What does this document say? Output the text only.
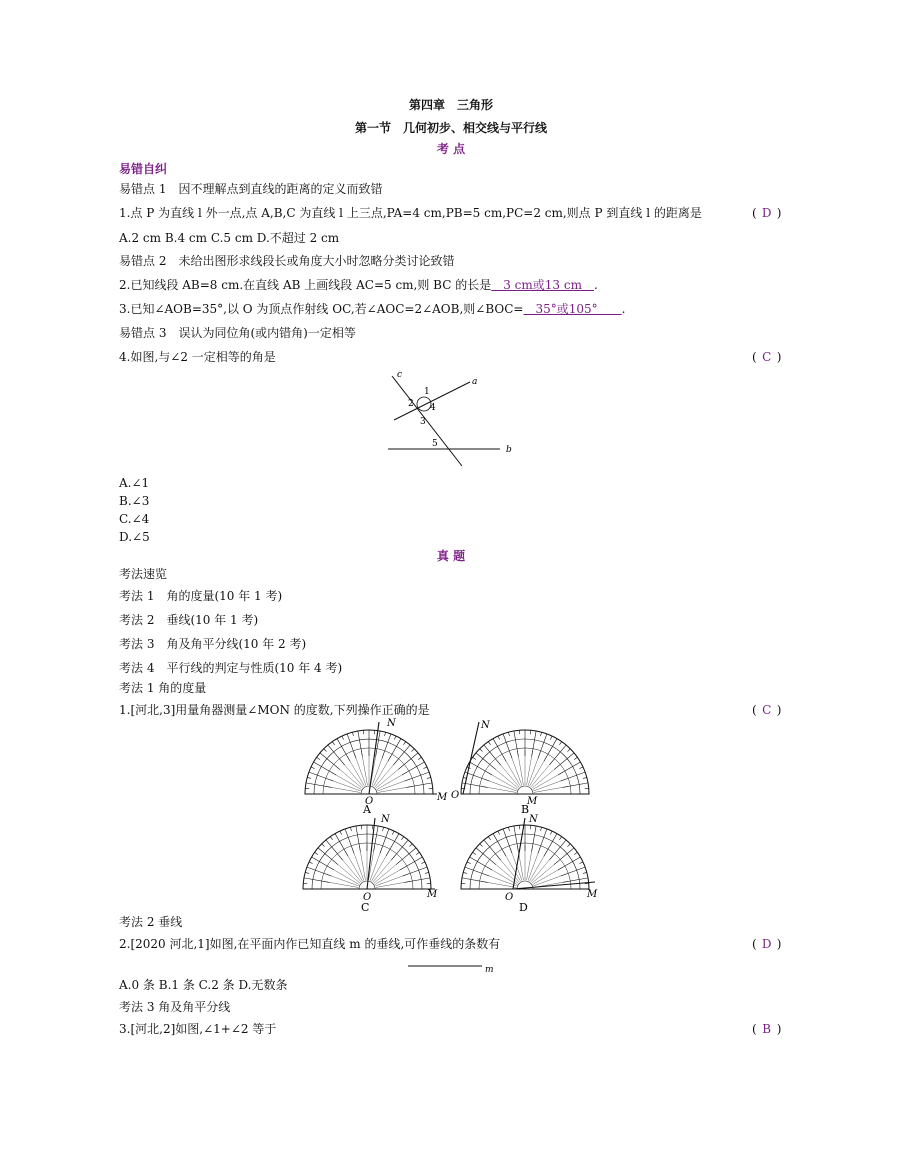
第四章　三角形
第一节　几何初步、相交线与平行线
考 点
易错自纠
易错点 1　因不理解点到直线的距离的定义而致错
1.点 P 为直线 l 外一点,点 A,B,C 为直线 l 上三点,PA=4 cm,PB=5 cm,PC=2 cm,则点 P 到直线 l 的距离是	( D )
A.2 cm B.4 cm C.5 cm D.不超过 2 cm
易错点 2　未给出图形求线段长或角度大小时忽略分类讨论致错
2.已知线段 AB=8 cm.在直线 AB 上画线段 AC=5 cm,则 BC 的长是　3 cm或13 cm　.
3.已知∠AOB=35°,以 O 为顶点作射线 OC,若∠AOC=2∠AOB,则∠BOC=　35°或105°　　.
易错点 3　误认为同位角(或内错角)一定相等
4.如图,与∠2 一定相等的角是	( C )
c
a
b
1
2
3
4
5
A.∠1
B.∠3
C.∠4
D.∠5
真 题
考法速览
考法 1　角的度量(10 年 1 考)
考法 2　垂线(10 年 1 考)
考法 3　角及角平分线(10 年 2 考)
考法 4　平行线的判定与性质(10 年 4 考)
考法 1 角的度量
1.[河北,3]用量角器测量∠MON 的度数,下列操作正确的是	( C )
O	M
N
O
M
N
O	M
N
O	M
N
A	B
C	D
考法 2 垂线
2.[2020 河北,1]如图,在平面内作已知直线 m 的垂线,可作垂线的条数有	( D )
m
A.0 条 B.1 条 C.2 条 D.无数条
考法 3 角及角平分线
3.[河北,2]如图,∠1+∠2 等于	( B )
